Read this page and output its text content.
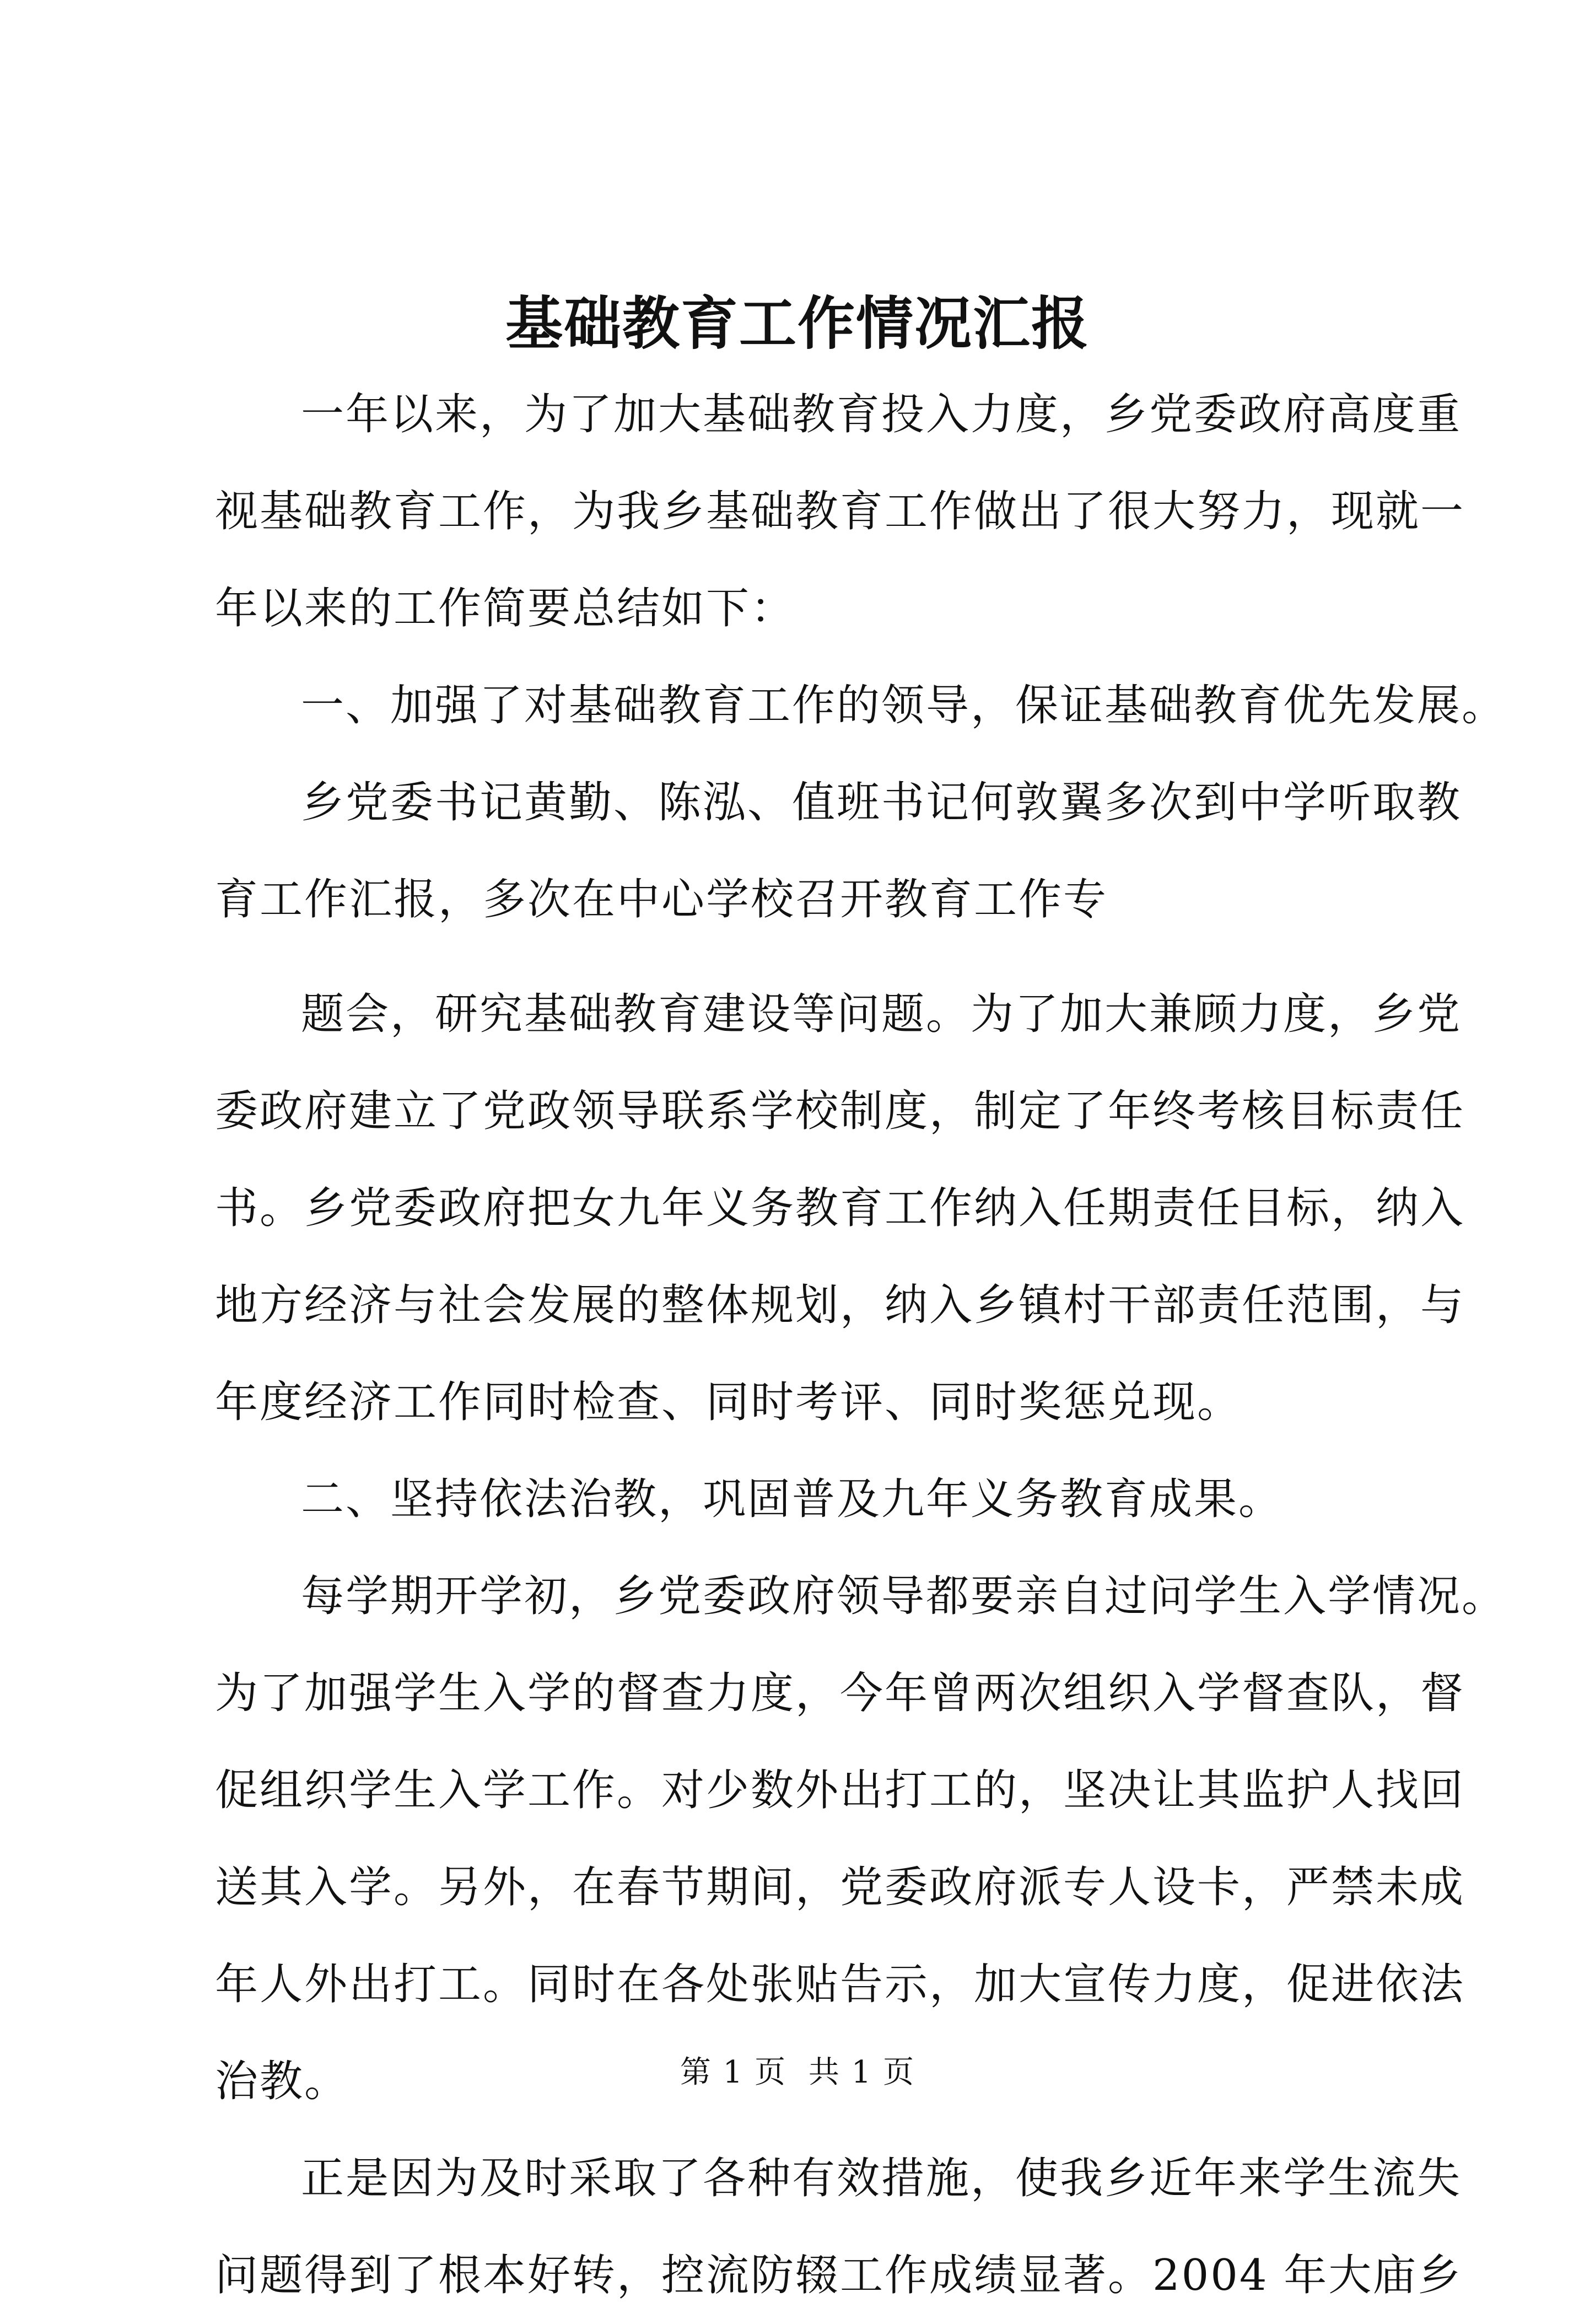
基础教育工作情况汇报
一年以来，为了加大基础教育投入力度，乡党委政府高度重
视基础教育工作，为我乡基础教育工作做出了很大努力，现就一
年以来的工作简要总结如下：
一、加强了对基础教育工作的领导，保证基础教育优先发展。
乡党委书记黄勤、陈泓、值班书记何敦翼多次到中学听取教
育工作汇报，多次在中心学校召开教育工作专
题会，研究基础教育建设等问题。为了加大兼顾力度，乡党
委政府建立了党政领导联系学校制度，制定了年终考核目标责任
书。乡党委政府把女九年义务教育工作纳入任期责任目标，纳入
地方经济与社会发展的整体规划，纳入乡镇村干部责任范围，与
年度经济工作同时检查、同时考评、同时奖惩兑现。
二、坚持依法治教，巩固普及九年义务教育成果。
每学期开学初，乡党委政府领导都要亲自过问学生入学情况。
为了加强学生入学的督查力度，今年曾两次组织入学督查队，督
促组织学生入学工作。对少数外出打工的，坚决让其监护人找回
送其入学。另外，在春节期间，党委政府派专人设卡，严禁未成
年人外出打工。同时在各处张贴告示，加大宣传力度，促进依法
治教。
正是因为及时采取了各种有效措施，使我乡近年来学生流失
问题得到了根本好转，控流防辍工作成绩显著。2004 年大庙乡
第 1 页 共 1 页
